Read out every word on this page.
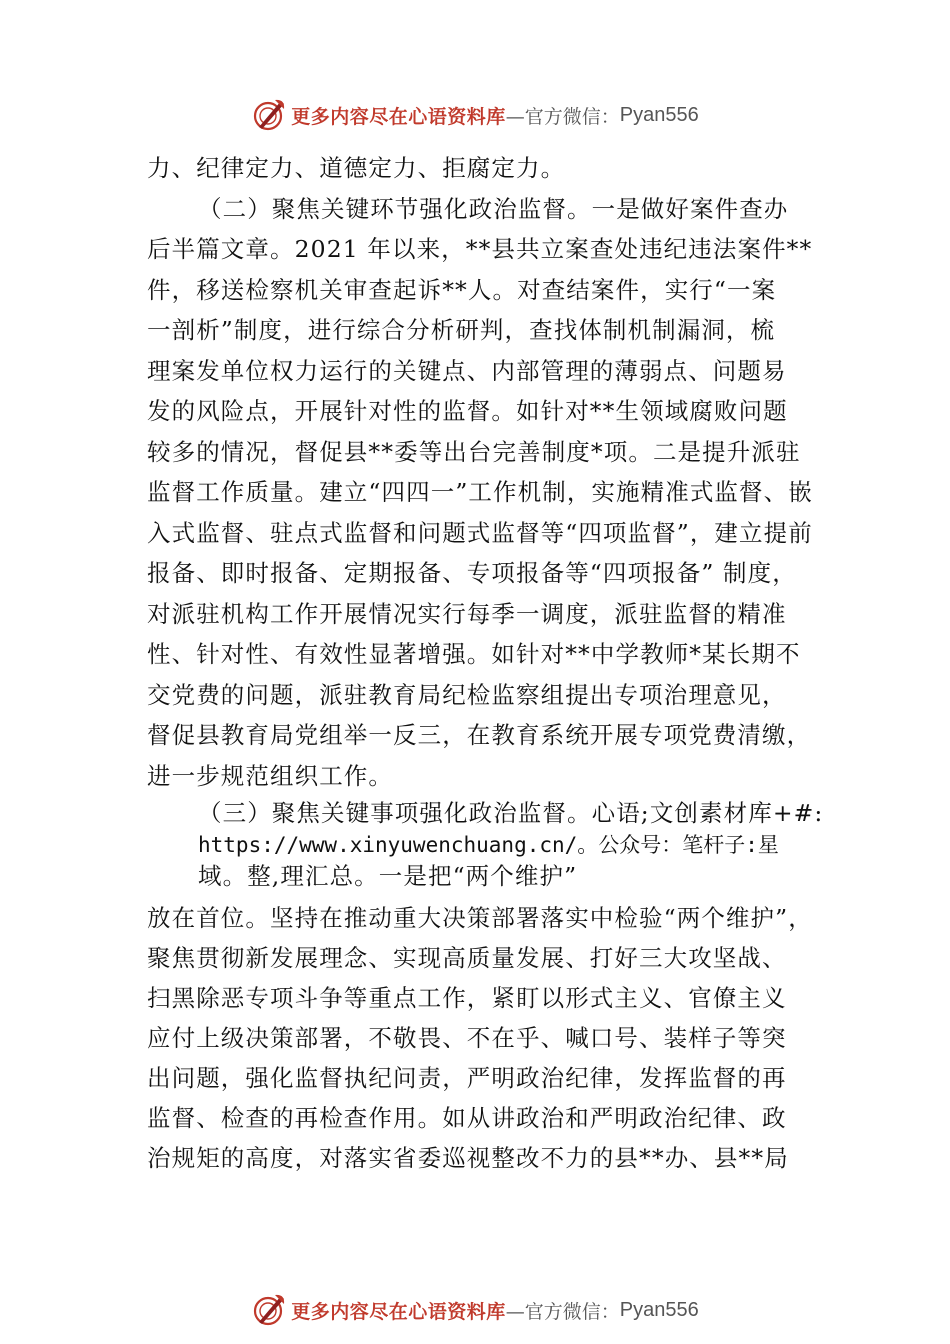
更多内容尽在心语资料库 —官方微信： Pyan556
力、纪律定力、道德定力、拒腐定力。
（二）聚焦关键环节强化政治监督。一是做好案件查办
后半篇文章。2021 年以来，**县共立案查处违纪违法案件**
件，移送检察机关审查起诉**人。对查结案件，实行“一案
一剖析”制度，进行综合分析研判，查找体制机制漏洞，梳
理案发单位权力运行的关键点、内部管理的薄弱点、问题易
发的风险点，开展针对性的监督。如针对**生领域腐败问题
较多的情况，督促县**委等出台完善制度*项。二是提升派驻
监督工作质量。建立“四四一”工作机制，实施精准式监督、嵌
入式监督、驻点式监督和问题式监督等“四项监督”，建立提前
报备、即时报备、定期报备、专项报备等“四项报备” 制度，
对派驻机构工作开展情况实行每季一调度，派驻监督的精准
性、针对性、有效性显著增强。如针对**中学教师*某长期不
交党费的问题，派驻教育局纪检监察组提出专项治理意见，
督促县教育局党组举一反三，在教育系统开展专项党费清缴，
进一步规范组织工作。
（三）聚焦关键事项强化政治监督。心语;文创素材库+#:
https://www.xinyuwenchuang.cn/。公众号：笔杆子:星
域。整,理汇总。一是把“两个维护”
放在首位。坚持在推动重大决策部署落实中检验“两个维护”，
聚焦贯彻新发展理念、实现高质量发展、打好三大攻坚战、
扫黑除恶专项斗争等重点工作，紧盯以形式主义、官僚主义
应付上级决策部署，不敬畏、不在乎、喊口号、装样子等突
出问题，强化监督执纪问责，严明政治纪律，发挥监督的再
监督、检查的再检查作用。如从讲政治和严明政治纪律、政
治规矩的高度，对落实省委巡视整改不力的县**办、县**局
更多内容尽在心语资料库 —官方微信： Pyan556
